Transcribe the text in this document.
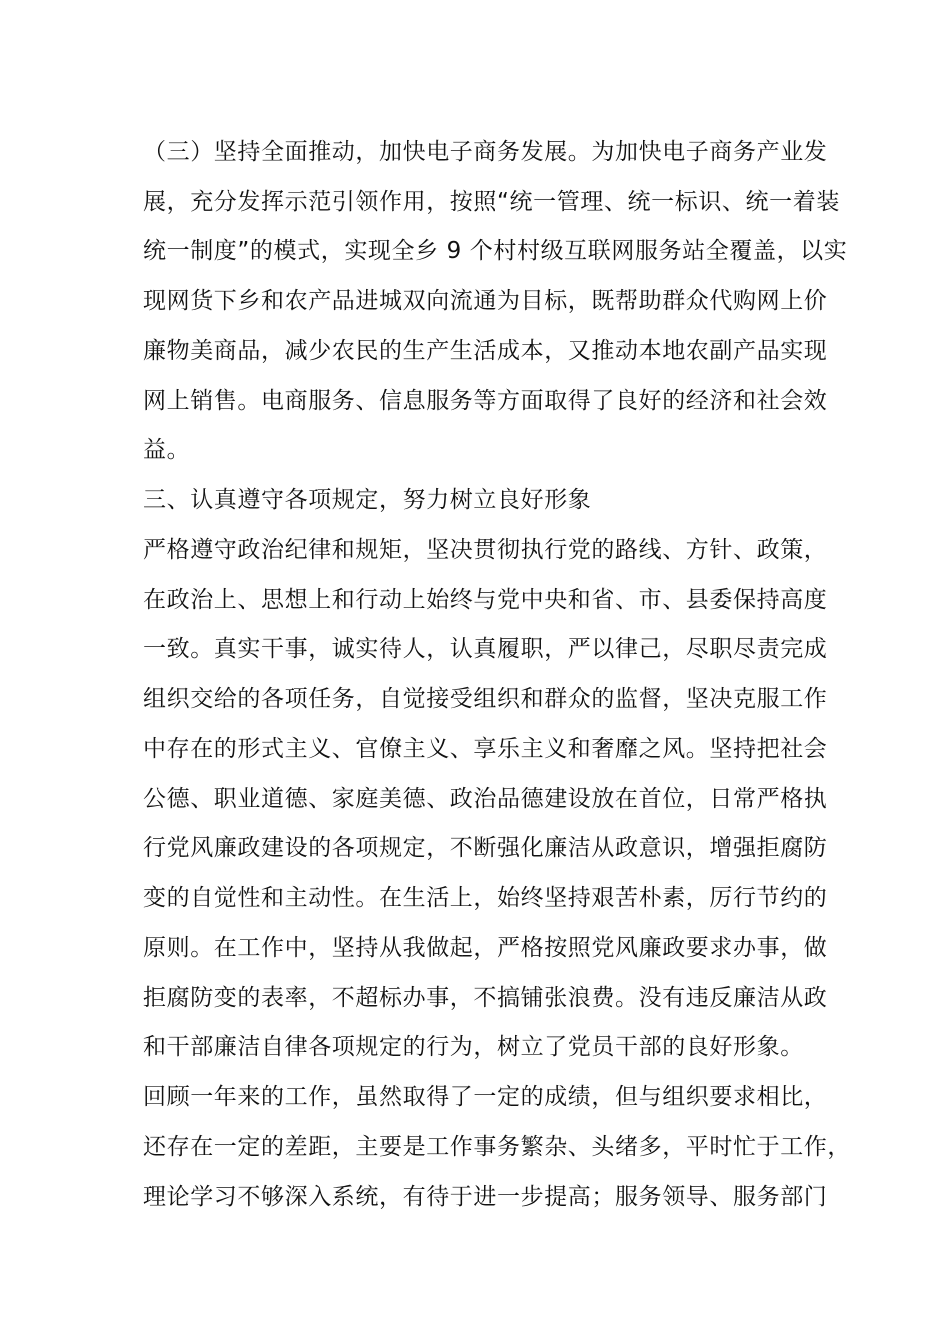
（三）坚持全面推动，加快电子商务发展。为加快电子商务产业发
展，充分发挥示范引领作用，按照“统一管理、统一标识、统一着装
统一制度”的模式，实现全乡 9 个村村级互联网服务站全覆盖，以实
现网货下乡和农产品进城双向流通为目标，既帮助群众代购网上价
廉物美商品，减少农民的生产生活成本，又推动本地农副产品实现
网上销售。电商服务、信息服务等方面取得了良好的经济和社会效
益。
三、认真遵守各项规定，努力树立良好形象
严格遵守政治纪律和规矩，坚决贯彻执行党的路线、方针、政策，
在政治上、思想上和行动上始终与党中央和省、市、县委保持高度
一致。真实干事，诚实待人，认真履职，严以律己，尽职尽责完成
组织交给的各项任务，自觉接受组织和群众的监督，坚决克服工作
中存在的形式主义、官僚主义、享乐主义和奢靡之风。坚持把社会
公德、职业道德、家庭美德、政治品德建设放在首位，日常严格执
行党风廉政建设的各项规定，不断强化廉洁从政意识，增强拒腐防
变的自觉性和主动性。在生活上，始终坚持艰苦朴素，厉行节约的
原则。在工作中，坚持从我做起，严格按照党风廉政要求办事，做
拒腐防变的表率，不超标办事，不搞铺张浪费。没有违反廉洁从政
和干部廉洁自律各项规定的行为，树立了党员干部的良好形象。
回顾一年来的工作，虽然取得了一定的成绩，但与组织要求相比，
还存在一定的差距，主要是工作事务繁杂、头绪多，平时忙于工作，
理论学习不够深入系统，有待于进一步提高；服务领导、服务部门
